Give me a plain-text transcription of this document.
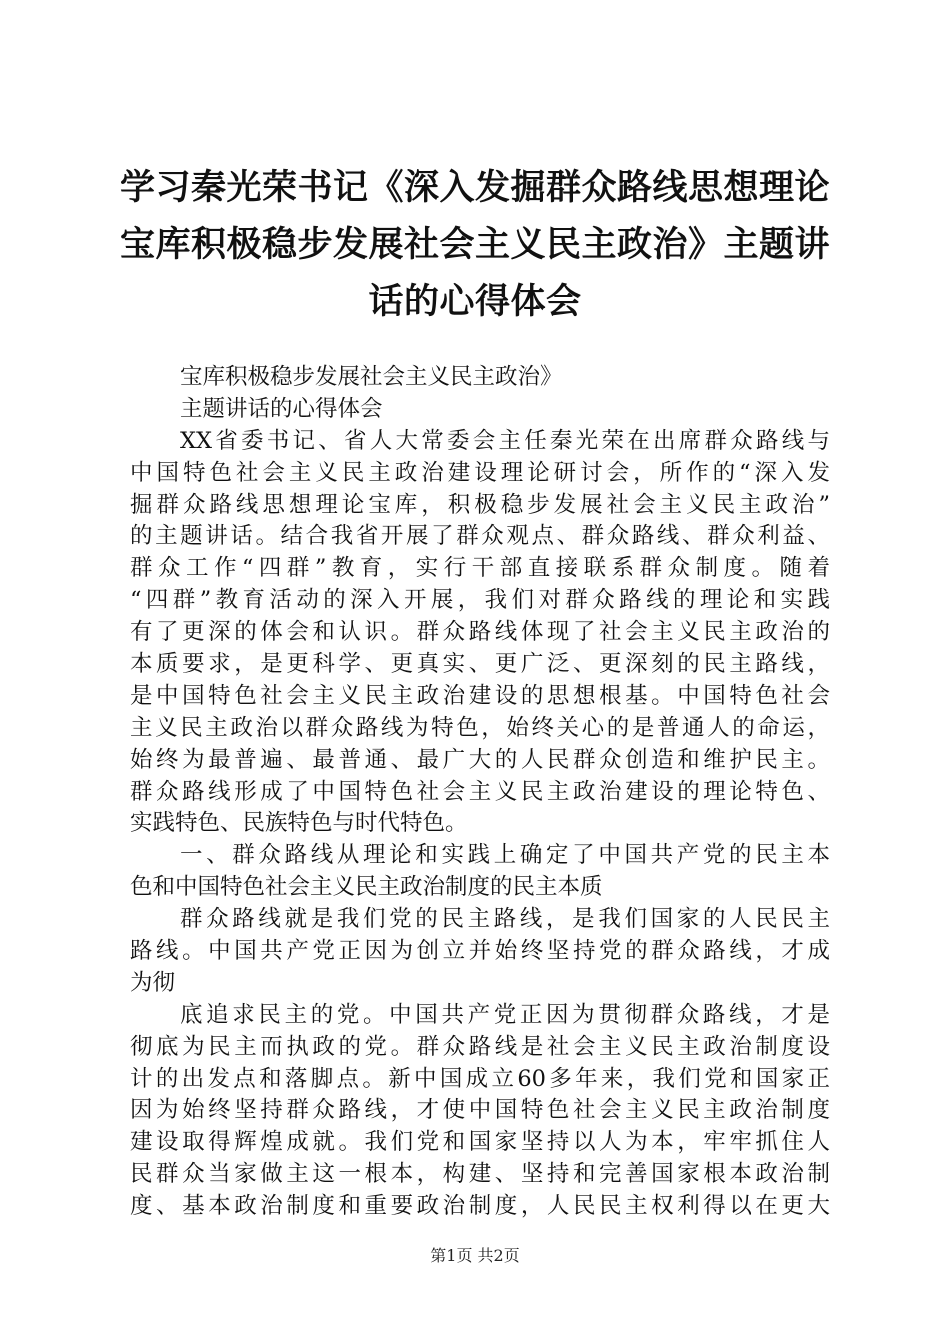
学习秦光荣书记《深入发掘群众路线思想理论
宝库积极稳步发展社会主义民主政治》主题讲
话的心得体会
宝库积极稳步发展社会主义民主政治》
主题讲话的心得体会
XX省委书记、省人大常委会主任秦光荣在出席群众路线与
中国特色社会主义民主政治建设理论研讨会，所作的“深入发
掘群众路线思想理论宝库，积极稳步发展社会主义民主政治”
的主题讲话。结合我省开展了群众观点、群众路线、群众利益、
群众工作“四群”教育，实行干部直接联系群众制度。随着
“四群”教育活动的深入开展，我们对群众路线的理论和实践
有了更深的体会和认识。群众路线体现了社会主义民主政治的
本质要求，是更科学、更真实、更广泛、更深刻的民主路线，
是中国特色社会主义民主政治建设的思想根基。中国特色社会
主义民主政治以群众路线为特色，始终关心的是普通人的命运，
始终为最普遍、最普通、最广大的人民群众创造和维护民主。
群众路线形成了中国特色社会主义民主政治建设的理论特色、
实践特色、民族特色与时代特色。
一、群众路线从理论和实践上确定了中国共产党的民主本
色和中国特色社会主义民主政治制度的民主本质
群众路线就是我们党的民主路线，是我们国家的人民民主
路线。中国共产党正因为创立并始终坚持党的群众路线，才成
为彻
底追求民主的党。中国共产党正因为贯彻群众路线，才是
彻底为民主而执政的党。群众路线是社会主义民主政治制度设
计的出发点和落脚点。新中国成立60多年来，我们党和国家正
因为始终坚持群众路线，才使中国特色社会主义民主政治制度
建设取得辉煌成就。我们党和国家坚持以人为本，牢牢抓住人
民群众当家做主这一根本，构建、坚持和完善国家根本政治制
度、基本政治制度和重要政治制度，人民民主权利得以在更大
第1页 共2页
